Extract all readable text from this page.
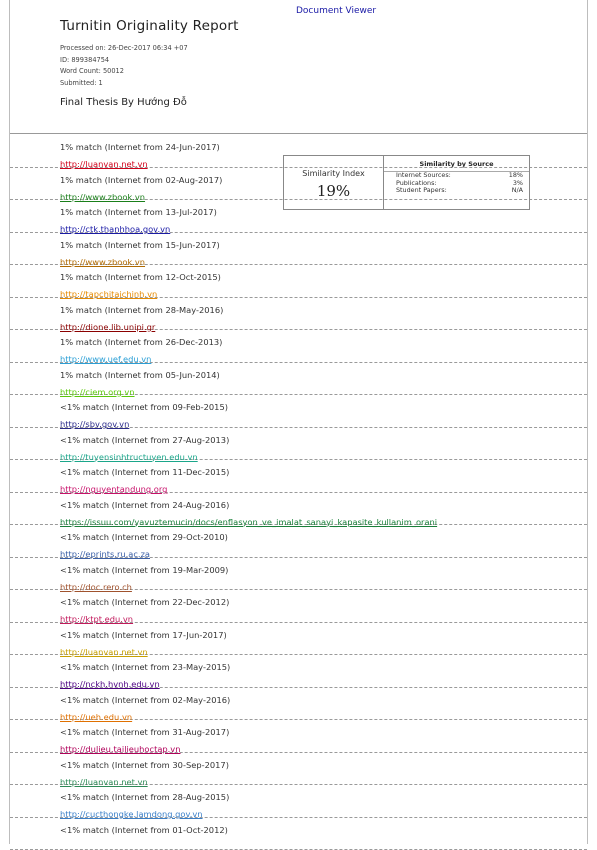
Document Viewer
Turnitin Originality Report
Processed on: 26-Dec-2017 06:34 +07
ID: 899384754
Word Count: 50012
Submitted: 1
Final Thesis By Hướng Đỗ
1% match (Internet from 24-Jun-2017)
http://luanvan.net.vn
1% match (Internet from 02-Aug-2017)
http://www.zbook.vn
1% match (Internet from 13-Jul-2017)
http://ctk.thanhhoa.gov.vn
1% match (Internet from 15-Jun-2017)
http://www.zbook.vn
1% match (Internet from 12-Oct-2015)
http://tapchitaichinh.vn
1% match (Internet from 28-May-2016)
http://dione.lib.unipi.gr
1% match (Internet from 26-Dec-2013)
http://www.uef.edu.vn
1% match (Internet from 05-Jun-2014)
http://ciem.org.vn
<1% match (Internet from 09-Feb-2015)
http://sbv.gov.vn
<1% match (Internet from 27-Aug-2013)
http://tuyensinhtructuyen.edu.vn
<1% match (Internet from 11-Dec-2015)
http://nguyentandung.org
<1% match (Internet from 24-Aug-2016)
https://issuu.com/yavuztemucin/docs/enflasyon_ve_imalat_sanayi_kapasite_kullanim_orani
<1% match (Internet from 29-Oct-2010)
http://eprints.ru.ac.za
<1% match (Internet from 19-Mar-2009)
http://doc.rero.ch
<1% match (Internet from 22-Dec-2012)
http://ktpt.edu.vn
<1% match (Internet from 17-Jun-2017)
http://luanvan.net.vn
<1% match (Internet from 23-May-2015)
http://nckh.hvnh.edu.vn
<1% match (Internet from 02-May-2016)
http://ueh.edu.vn
<1% match (Internet from 31-Aug-2017)
http://dulieu.tailieuhoctap.vn
<1% match (Internet from 30-Sep-2017)
http://luanvan.net.vn
<1% match (Internet from 28-Aug-2015)
http://cucthongke.lamdong.gov.vn
<1% match (Internet from 01-Oct-2012)
Similarity Index
19%
Similarity by Source
Internet Sources:	18%
Publications:	3%
Student Papers:	N/A
